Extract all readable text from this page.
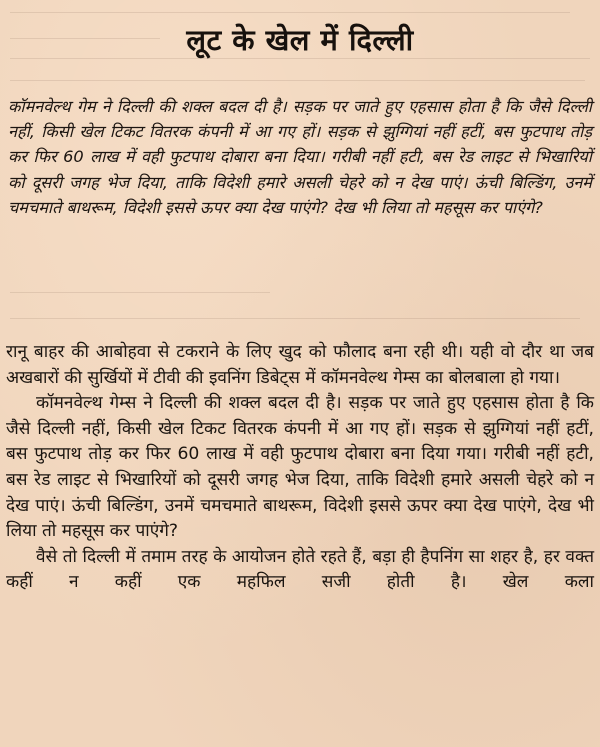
लूट के खेल में दिल्ली

कॉमनवेल्थ गेम ने दिल्ली की शक्ल बदल दी है। सड़क पर जाते हुए एहसास होता है कि जैसे दिल्ली नहीं, किसी खेल टिकट वितरक कंपनी में आ गए हों। सड़क से झुग्गियां नहीं हटीं, बस फुटपाथ तोड़ कर फिर 60 लाख में वही फुटपाथ दोबारा बना दिया। गरीबी नहीं हटी, बस रेड लाइट से भिखारियों को दूसरी जगह भेज दिया, ताकि विदेशी हमारे असली चेहरे को न देख पाएं। ऊंची बिल्डिंग, उनमें चमचमाते बाथरूम, विदेशी इससे ऊपर क्या देख पाएंगे? देख भी लिया तो महसूस कर पाएंगे?

रानू बाहर की आबोहवा से टकराने के लिए खुद को फौलाद बना रही थी। यही वो दौर था जब अखबारों की सुर्खियों में टीवी की इवनिंग डिबेट्स में कॉमनवेल्थ गेम्स का बोलबाला हो गया।

कॉमनवेल्थ गेम्स ने दिल्ली की शक्ल बदल दी है। सड़क पर जाते हुए एहसास होता है कि जैसे दिल्ली नहीं, किसी खेल टिकट वितरक कंपनी में आ गए हों। सड़क से झुग्गियां नहीं हटीं, बस फुटपाथ तोड़ कर फिर 60 लाख में वही फुटपाथ दोबारा बना दिया गया। गरीबी नहीं हटी, बस रेड लाइट से भिखारियों को दूसरी जगह भेज दिया, ताकि विदेशी हमारे असली चेहरे को न देख पाएं। ऊंची बिल्डिंग, उनमें चमचमाते बाथरूम, विदेशी इससे ऊपर क्या देख पाएंगे, देख भी लिया तो महसूस कर पाएंगे?

वैसे तो दिल्ली में तमाम तरह के आयोजन होते रहते हैं, बड़ा ही हैपनिंग सा शहर है, हर वक्त कहीं न कहीं एक महफिल सजी होती है। खेल कला
